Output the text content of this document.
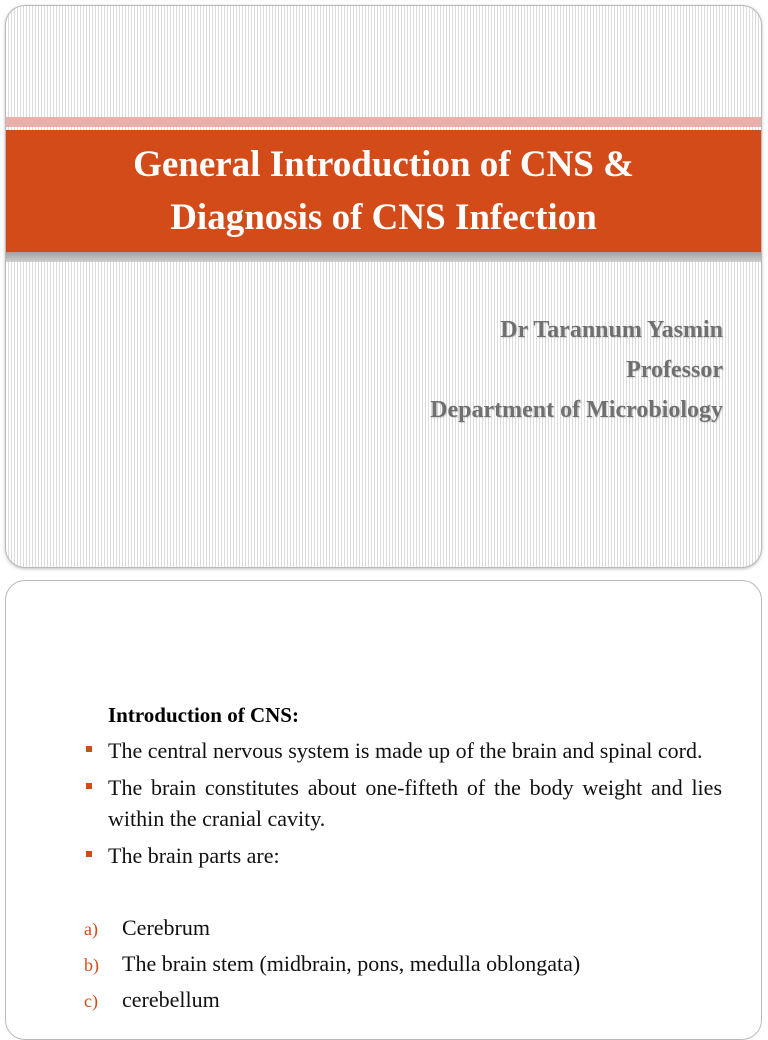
General Introduction of CNS &
Diagnosis of CNS Infection
Dr Tarannum Yasmin
Professor
Department of Microbiology
Introduction of CNS:
The central nervous system is made up of the brain and spinal cord.
The brain constitutes about one-fifteth of the body weight and lies within the cranial cavity.
The brain parts are:
a) Cerebrum
b) The brain stem (midbrain, pons, medulla oblongata)
c) cerebellum
